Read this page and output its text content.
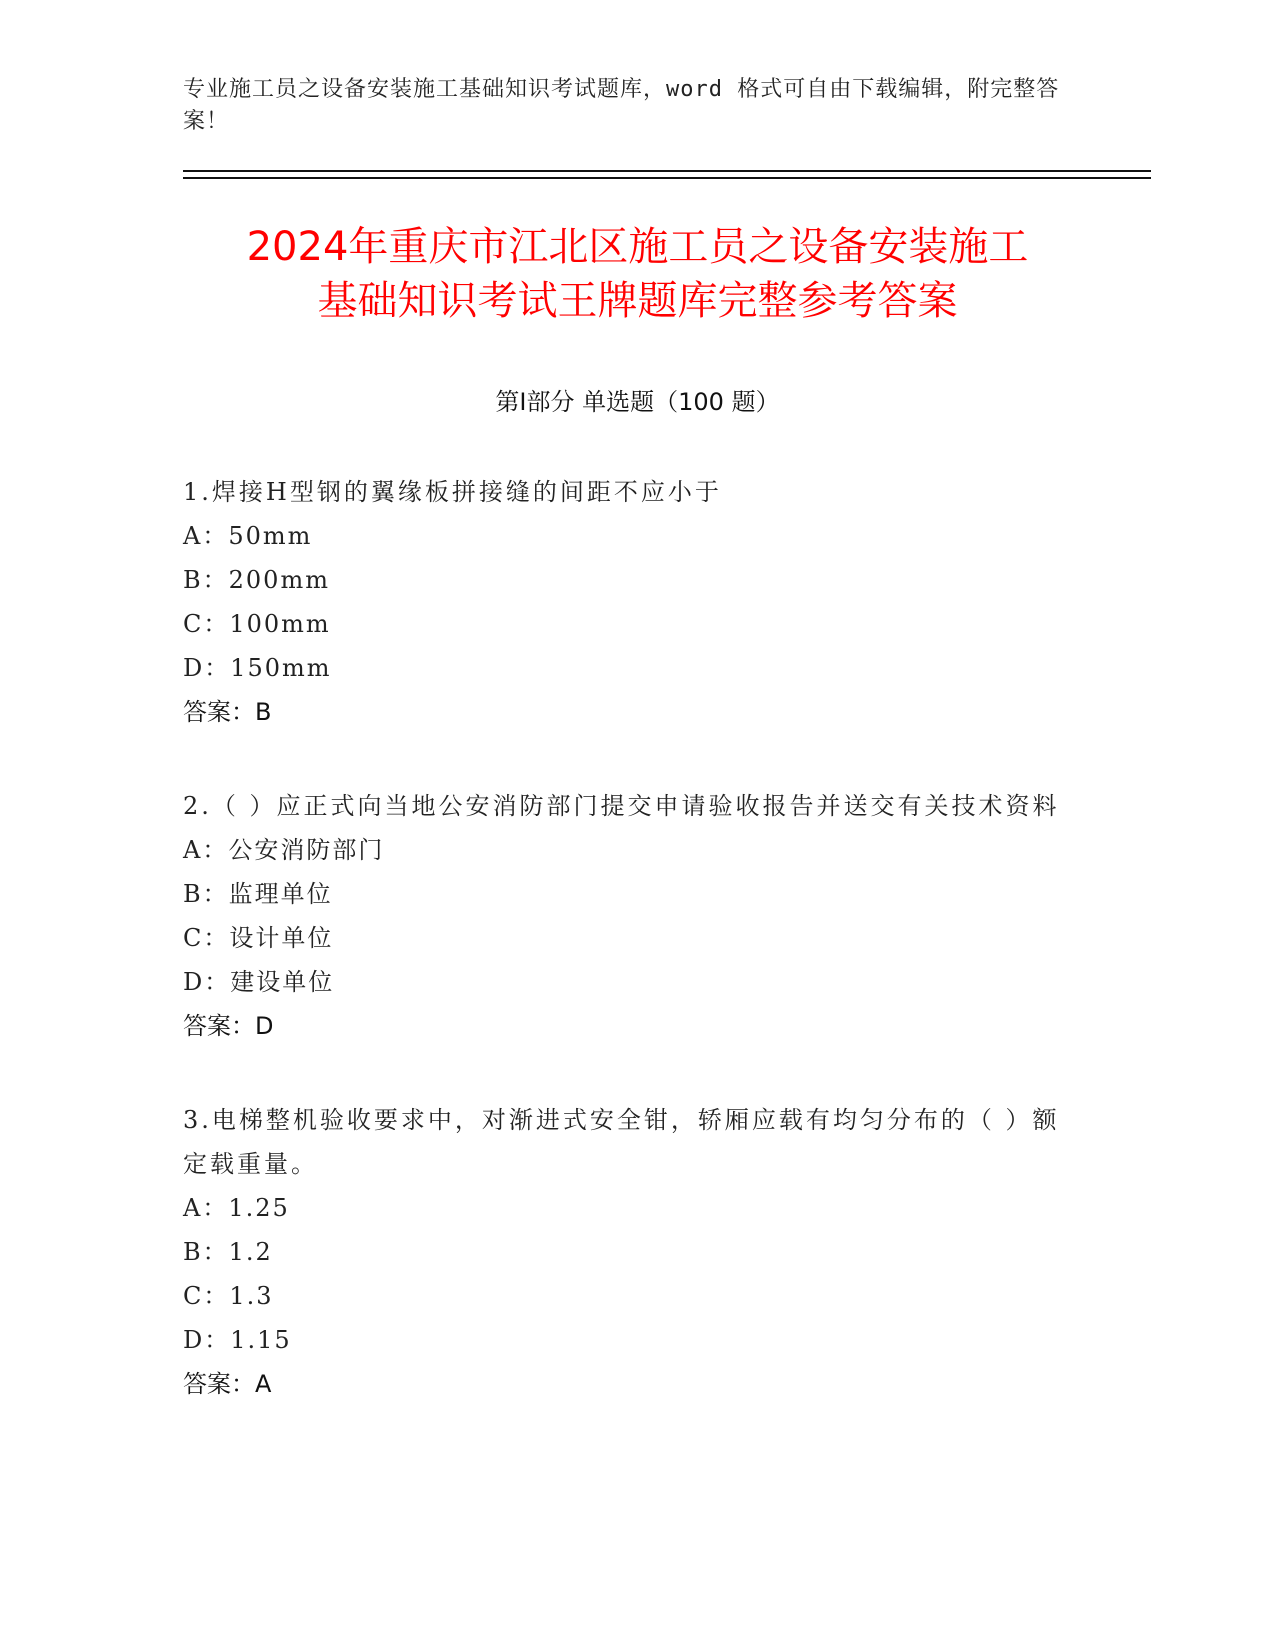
专业施工员之设备安装施工基础知识考试题库，word 格式可自由下载编辑，附完整答案！
2024年重庆市江北区施工员之设备安装施工
基础知识考试王牌题库完整参考答案
第Ⅰ部分 单选题（100 题）
1.焊接H型钢的翼缘板拼接缝的间距不应小于
A：50mm
B：200mm
C：100mm
D：150mm
答案：B
2.（ ）应正式向当地公安消防部门提交申请验收报告并送交有关技术资料
A：公安消防部门
B：监理单位
C：设计单位
D：建设单位
答案：D
3.电梯整机验收要求中，对渐进式安全钳，轿厢应载有均匀分布的（ ）额定载重量。
A：1.25
B：1.2
C：1.3
D：1.15
答案：A
